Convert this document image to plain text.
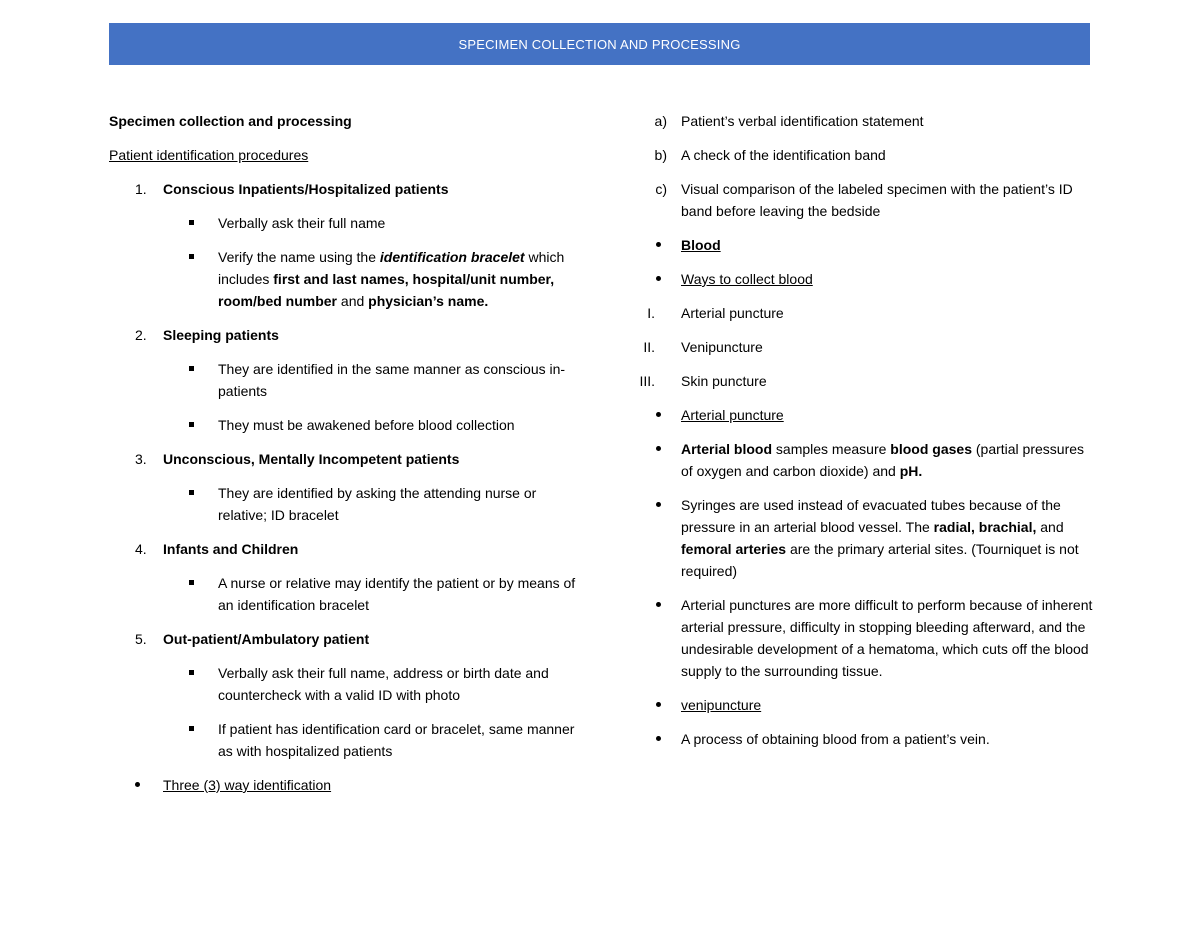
SPECIMEN COLLECTION AND PROCESSING
Specimen collection and processing
Patient identification procedures
1.	Conscious Inpatients/Hospitalized patients
Verbally ask their full name
Verify the name using the identification bracelet which includes first and last names, hospital/unit number, room/bed number and physician’s name.
2.	Sleeping patients
They are identified in the same manner as conscious in-patients
They must be awakened before blood collection
3.	Unconscious, Mentally Incompetent patients
They are identified by asking the attending nurse or relative; ID bracelet
4.	Infants and Children
A nurse or relative may identify the patient or by means of an identification bracelet
5.	Out-patient/Ambulatory patient
Verbally ask their full name, address or birth date and countercheck with a valid ID with photo
If patient has identification card or bracelet, same manner as with hospitalized patients
Three (3) way identification
a) Patient’s verbal identification statement
b) A check of the identification band
c) Visual comparison of the labeled specimen with the patient’s ID band before leaving the bedside
Blood
Ways to collect blood
I. Arterial puncture
II. Venipuncture
III. Skin puncture
Arterial puncture
Arterial blood samples measure blood gases (partial pressures of oxygen and carbon dioxide) and pH.
Syringes are used instead of evacuated tubes because of the pressure in an arterial blood vessel. The radial, brachial, and femoral arteries are the primary arterial sites. (Tourniquet is not required)
Arterial punctures are more difficult to perform because of inherent arterial pressure, difficulty in stopping bleeding afterward, and the undesirable development of a hematoma, which cuts off the blood supply to the surrounding tissue.
venipuncture
A process of obtaining blood from a patient’s vein.
